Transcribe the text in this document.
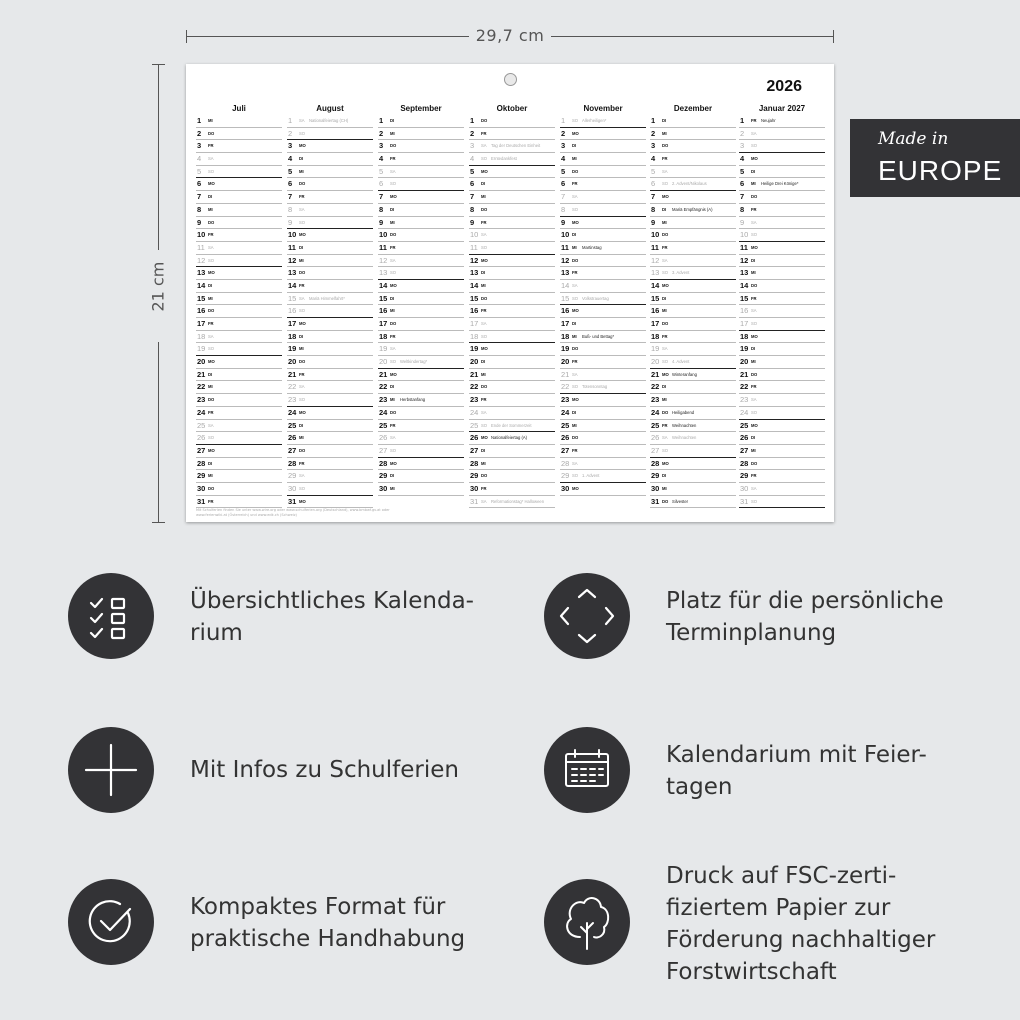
29,7 cm
21 cm
Made in
EUROPE
2026
Juli
1 MI
2 DO
3 FR
4 SA
5 SO
6 MO
7 DI
8 MI
9 DO
10 FR
11 SA
12 SO
13 MO
14 DI
15 MI
16 DO
17 FR
18 SA
19 SO
20 MO
21 DI
22 MI
23 DO
24 FR
25 SA
26 SO
27 MO
28 DI
29 MI
30 DO
31 FR
August
1 SA Nationalfeiertag (CH)
2 SO
3 MO
4 DI
5 MI
6 DO
7 FR
8 SA
9 SO
10 MO
11 DI
12 MI
13 DO
14 FR
15 SA Mariä Himmelfahrt*
16 SO
17 MO
18 DI
19 MI
20 DO
21 FR
22 SA
23 SO
24 MO
25 DI
26 MI
27 DO
28 FR
29 SA
30 SO
31 MO
September
1 DI
2 MI
3 DO
4 FR
5 SA
6 SO
7 MO
8 DI
9 MI
10 DO
11 FR
12 SA
13 SO
14 MO
15 DI
16 MI
17 DO
18 FR
19 SA
20 SO Weltkindertag*
21 MO
22 DI
23 MI Herbstanfang
24 DO
25 FR
26 SA
27 SO
28 MO
29 DI
30 MI
Oktober
1 DO
2 FR
3 SA Tag der Deutschen Einheit
4 SO Erntedankfest
5 MO
6 DI
7 MI
8 DO
9 FR
10 SA
11 SO
12 MO
13 DI
14 MI
15 DO
16 FR
17 SA
18 SO
19 MO
20 DI
21 MI
22 DO
23 FR
24 SA
25 SO Ende der Sommerzeit
26 MO Nationalfeiertag (A)
27 DI
28 MI
29 DO
30 FR
31 SA Reformationstag* Halloween
November
1 SO Allerheiligen*
2 MO
3 DI
4 MI
5 DO
6 FR
7 SA
8 SO
9 MO
10 DI
11 MI Martinstag
12 DO
13 FR
14 SA
15 SO Volkstrauertag
16 MO
17 DI
18 MI Buß- und Bettag*
19 DO
20 FR
21 SA
22 SO Totensonntag
23 MO
24 DI
25 MI
26 DO
27 FR
28 SA
29 SO 1. Advent
30 MO
Dezember
1 DI
2 MI
3 DO
4 FR
5 SA
6 SO 2. Advent/Nikolaus
7 MO
8 DI Mariä Empfängnis (A)
9 MI
10 DO
11 FR
12 SA
13 SO 3. Advent
14 MO
15 DI
16 MI
17 DO
18 FR
19 SA
20 SO 4. Advent
21 MO Winteranfang
22 DI
23 MI
24 DO Heiligabend
25 FR Weihnachten
26 SA Weihnachten
27 SO
28 MO
29 DI
30 MI
31 DO Silvester
Januar 2027
1 FR Neujahr
2 SA
3 SO
4 MO
5 DI
6 MI Heilige Drei Könige*
7 DO
8 FR
9 SA
10 SO
11 MO
12 DI
13 MI
14 DO
15 FR
16 SA
17 SO
18 MO
19 DI
20 MI
21 DO
22 FR
23 SA
24 SO
25 MO
26 DI
27 MI
28 DO
29 FR
30 SA
31 SO
Mit Schulferien finden Sie unter www.wire.org oder www.schulferien.org (Deutschland), www.bmbwf.gv.at oder www.ferienwiki.at (Österreich) und www.edk.ch (Schweiz)
Übersichtliches Kalenda-
rium
Platz für die persönliche
Terminplanung
Mit Infos zu Schulferien
Kalendarium mit Feier-
tagen
Kompaktes Format für
praktische Handhabung
Druck auf FSC-zerti-
fiziertem Papier zur
Förderung nachhaltiger
Forstwirtschaft
